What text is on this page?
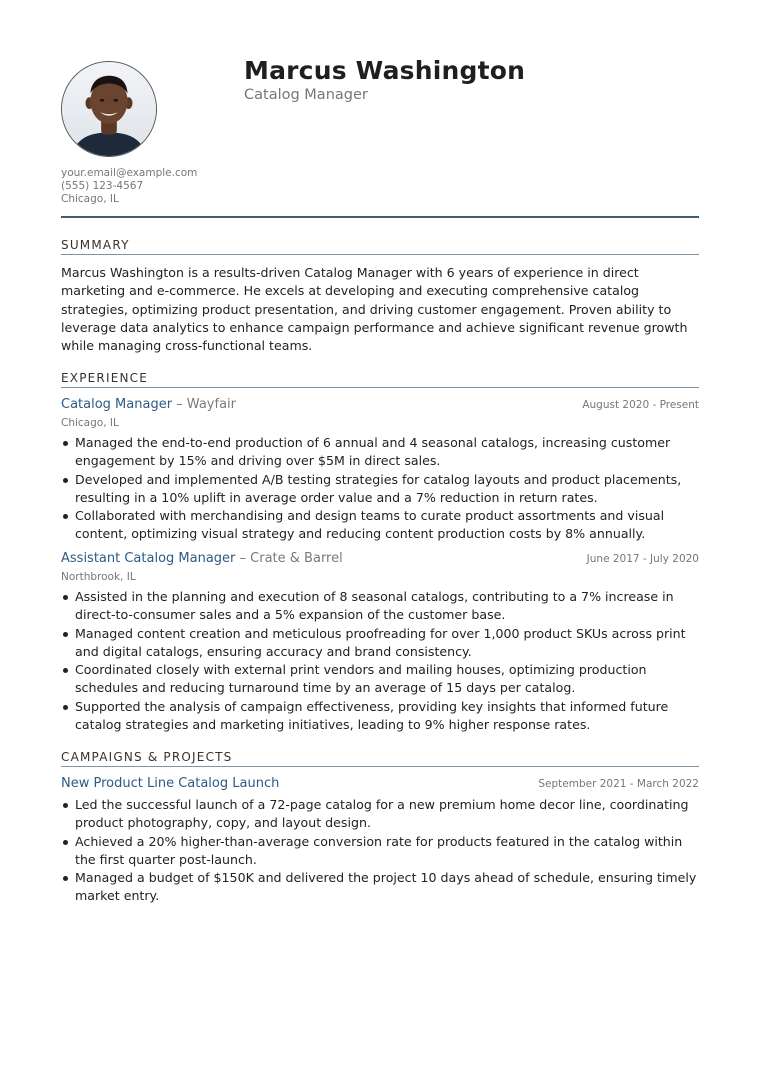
Marcus Washington
Catalog Manager
your.email@example.com
(555) 123-4567
Chicago, IL
SUMMARY
Marcus Washington is a results-driven Catalog Manager with 6 years of experience in direct marketing and e-commerce. He excels at developing and executing comprehensive catalog strategies, optimizing product presentation, and driving customer engagement. Proven ability to leverage data analytics to enhance campaign performance and achieve significant revenue growth while managing cross-functional teams.
EXPERIENCE
Catalog Manager – Wayfair	August 2020 - Present
Chicago, IL
Managed the end-to-end production of 6 annual and 4 seasonal catalogs, increasing customer engagement by 15% and driving over $5M in direct sales.
Developed and implemented A/B testing strategies for catalog layouts and product placements, resulting in a 10% uplift in average order value and a 7% reduction in return rates.
Collaborated with merchandising and design teams to curate product assortments and visual content, optimizing visual strategy and reducing content production costs by 8% annually.
Assistant Catalog Manager – Crate & Barrel	June 2017 - July 2020
Northbrook, IL
Assisted in the planning and execution of 8 seasonal catalogs, contributing to a 7% increase in direct-to-consumer sales and a 5% expansion of the customer base.
Managed content creation and meticulous proofreading for over 1,000 product SKUs across print and digital catalogs, ensuring accuracy and brand consistency.
Coordinated closely with external print vendors and mailing houses, optimizing production schedules and reducing turnaround time by an average of 15 days per catalog.
Supported the analysis of campaign effectiveness, providing key insights that informed future catalog strategies and marketing initiatives, leading to 9% higher response rates.
CAMPAIGNS & PROJECTS
New Product Line Catalog Launch	September 2021 - March 2022
Led the successful launch of a 72-page catalog for a new premium home decor line, coordinating product photography, copy, and layout design.
Achieved a 20% higher-than-average conversion rate for products featured in the catalog within the first quarter post-launch.
Managed a budget of $150K and delivered the project 10 days ahead of schedule, ensuring timely market entry.
